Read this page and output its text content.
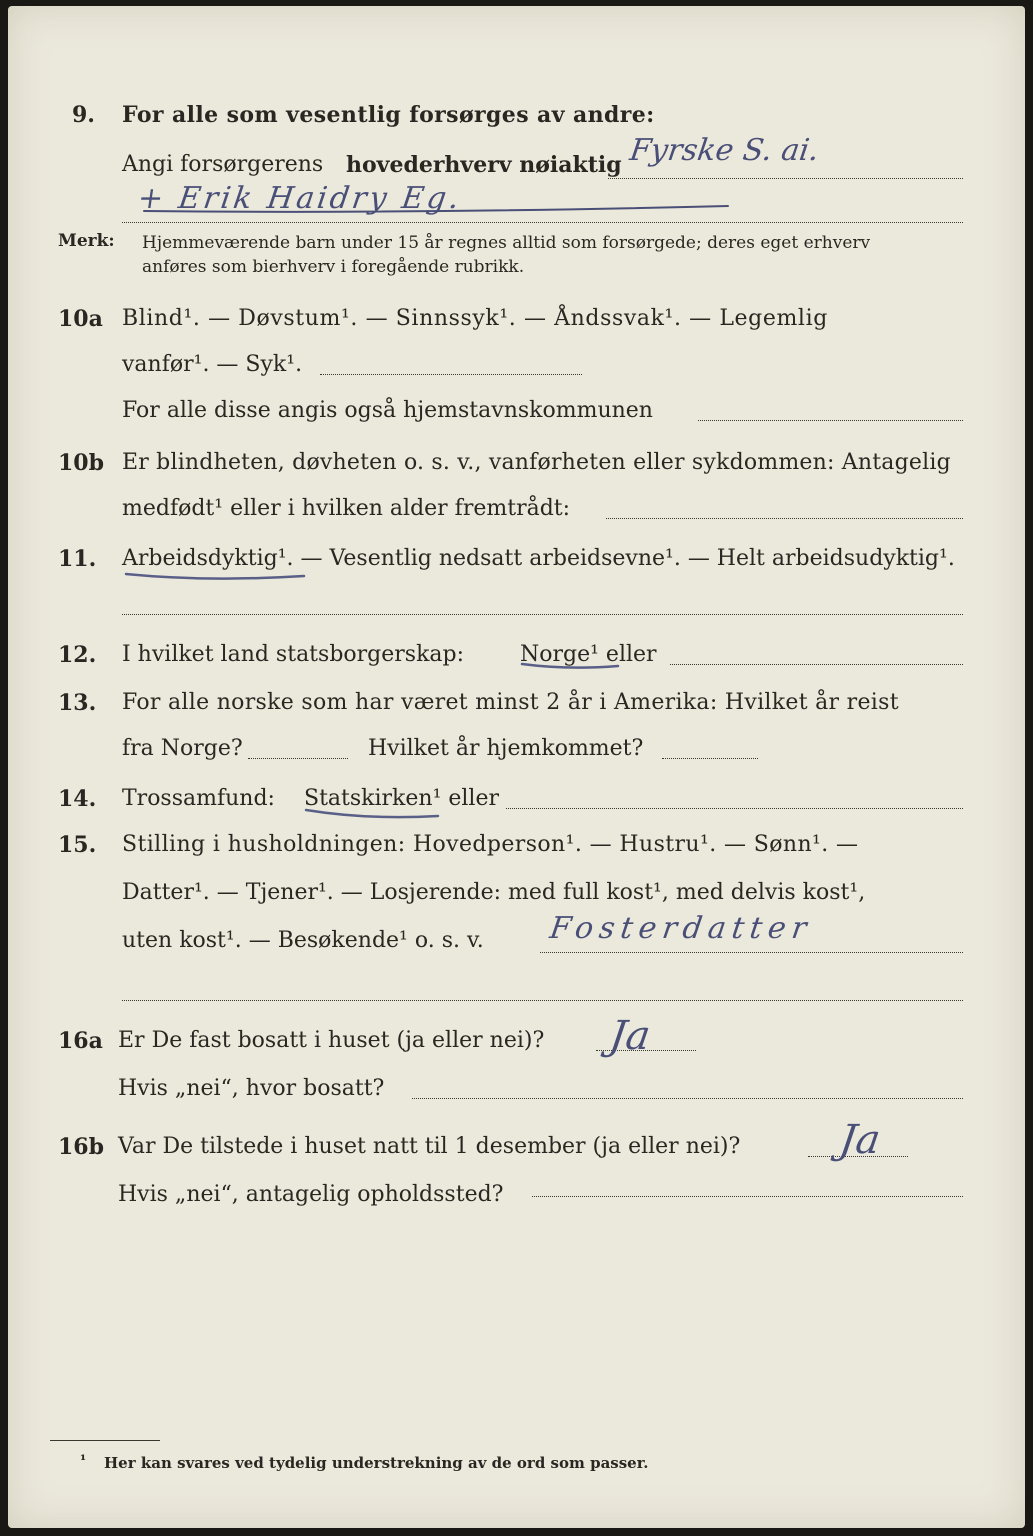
9. For alle som vesentlig forsørges av andre:
Angi forsørgerens hovederhverv nøiaktig Fyrske S. ai.
+ Erik Haidry Eg.
Merk: Hjemmeværende barn under 15 år regnes alltid som forsørgede; deres eget erhverv
anføres som bierhverv i foregående rubrikk.
10a Blind¹. — Døvstum¹. — Sinnssyk¹. — Åndssvak¹. — Legemlig
vanfør¹. — Syk¹.
For alle disse angis også hjemstavnskommunen
10b Er blindheten, døvheten o. s. v., vanførheten eller sykdommen: Antagelig
medfødt¹ eller i hvilken alder fremtrådt:
11. Arbeidsdyktig¹. — Vesentlig nedsatt arbeidsevne¹. — Helt arbeidsudyktig¹.
12. I hvilket land statsborgerskap:	Norge¹ eller
13. For alle norske som har været minst 2 år i Amerika: Hvilket år reist
fra Norge?	Hvilket år hjemkommet?
14. Trossamfund: Statskirken¹ eller
15. Stilling i husholdningen: Hovedperson¹. — Hustru¹. — Sønn¹. —
Datter¹. — Tjener¹. — Losjerende: med full kost¹, med delvis kost¹,
uten kost¹. — Besøkende¹ o. s. v. Fosterdatter
16a Er De fast bosatt i huset (ja eller nei)? Ja
Hvis „nei“, hvor bosatt?
16b Var De tilstede i huset natt til 1 desember (ja eller nei)? Ja
Hvis „nei“, antagelig opholdssted?
¹ Her kan svares ved tydelig understrekning av de ord som passer.
